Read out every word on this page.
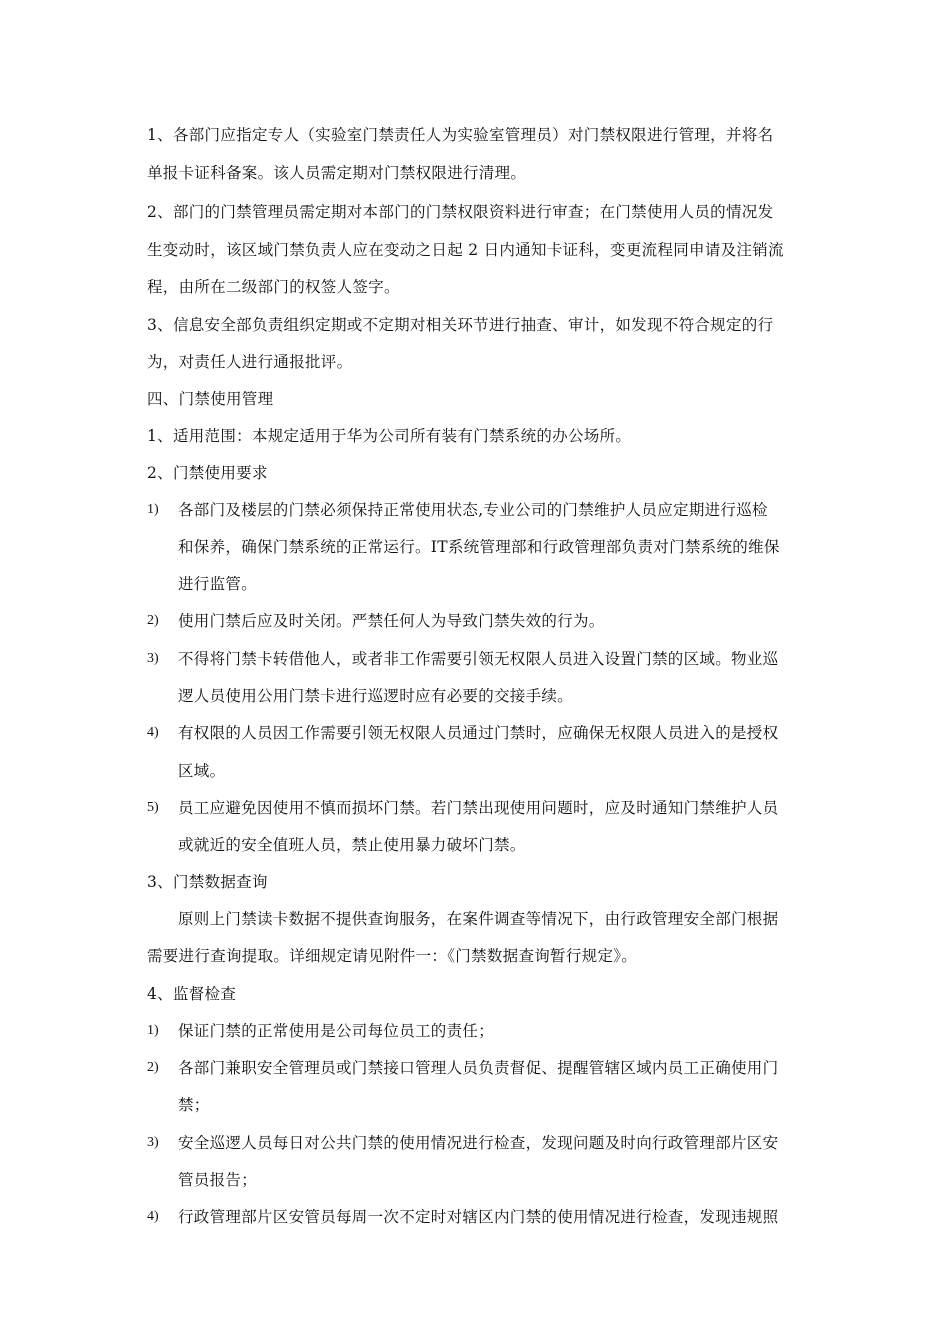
1、各部门应指定专人（实验室门禁责任人为实验室管理员）对门禁权限进行管理，并将名
单报卡证科备案。该人员需定期对门禁权限进行清理。
2、部门的门禁管理员需定期对本部门的门禁权限资料进行审查；在门禁使用人员的情况发
生变动时，该区域门禁负责人应在变动之日起 2 日内通知卡证科，变更流程同申请及注销流
程，由所在二级部门的权签人签字。
3、信息安全部负责组织定期或不定期对相关环节进行抽查、审计，如发现不符合规定的行
为，对责任人进行通报批评。
四、门禁使用管理
1、适用范围：本规定适用于华为公司所有装有门禁系统的办公场所。
2、门禁使用要求
1) 各部门及楼层的门禁必须保持正常使用状态,专业公司的门禁维护人员应定期进行巡检
和保养，确保门禁系统的正常运行。IT系统管理部和行政管理部负责对门禁系统的维保
进行监管。
2) 使用门禁后应及时关闭。严禁任何人为导致门禁失效的行为。
3) 不得将门禁卡转借他人，或者非工作需要引领无权限人员进入设置门禁的区域。物业巡
逻人员使用公用门禁卡进行巡逻时应有必要的交接手续。
4) 有权限的人员因工作需要引领无权限人员通过门禁时，应确保无权限人员进入的是授权
区域。
5) 员工应避免因使用不慎而损坏门禁。若门禁出现使用问题时，应及时通知门禁维护人员
或就近的安全值班人员，禁止使用暴力破坏门禁。
3、门禁数据查询
原则上门禁读卡数据不提供查询服务，在案件调查等情况下，由行政管理安全部门根据
需要进行查询提取。详细规定请见附件一：《门禁数据查询暂行规定》。
4、监督检查
1) 保证门禁的正常使用是公司每位员工的责任；
2) 各部门兼职安全管理员或门禁接口管理人员负责督促、提醒管辖区域内员工正确使用门
禁；
3) 安全巡逻人员每日对公共门禁的使用情况进行检查，发现问题及时向行政管理部片区安
管员报告；
4) 行政管理部片区安管员每周一次不定时对辖区内门禁的使用情况进行检查，发现违规照
